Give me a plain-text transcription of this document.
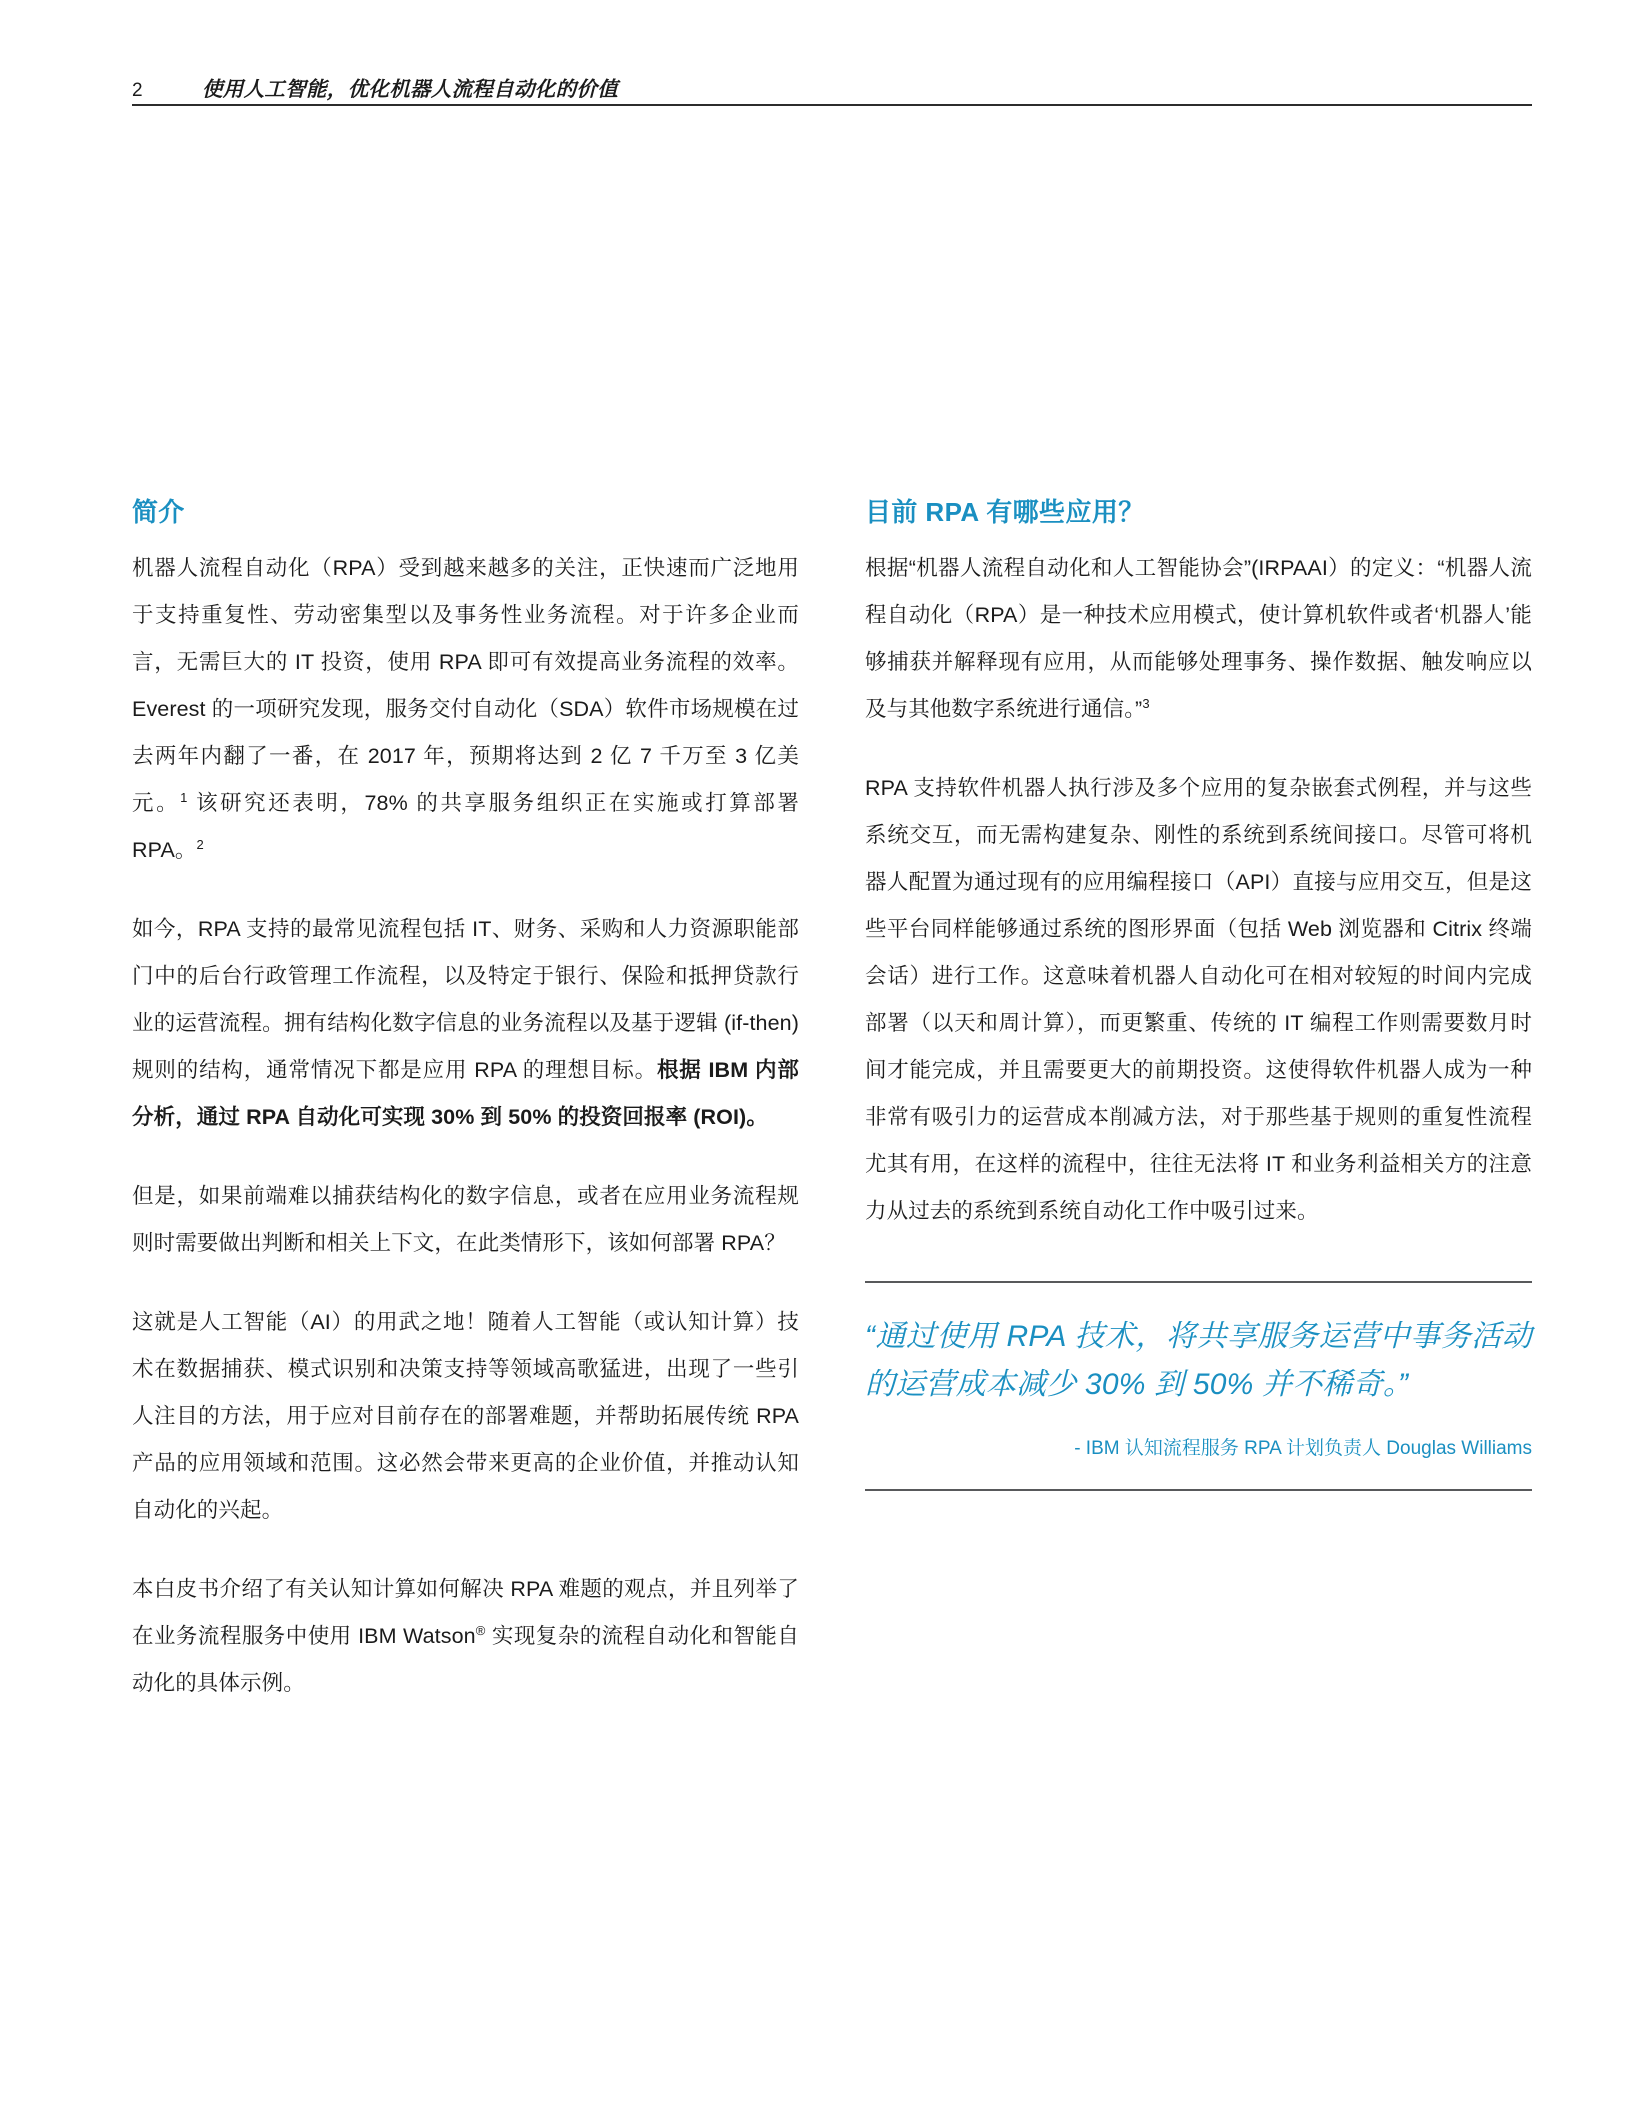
2	使用人工智能，优化机器人流程自动化的价值
简介

机器人流程自动化（RPA）受到越来越多的关注，正快速而广泛地用于支持重复性、劳动密集型以及事务性业务流程。对于许多企业而言，无需巨大的 IT 投资，使用 RPA 即可有效提高业务流程的效率。Everest 的一项研究发现，服务交付自动化（SDA）软件市场规模在过去两年内翻了一番，在 2017 年，预期将达到 2 亿 7 千万至 3 亿美元。$^1$ 该研究还表明，78% 的共享服务组织正在实施或打算部署 RPA。$^2$

如今，RPA 支持的最常见流程包括 IT、财务、采购和人力资源职能部门中的后台行政管理工作流程，以及特定于银行、保险和抵押贷款行业的运营流程。拥有结构化数字信息的业务流程以及基于逻辑 (if-then) 规则的结构，通常情况下都是应用 RPA 的理想目标。根据 IBM 内部分析，通过 RPA 自动化可实现 30% 到 50% 的投资回报率 (ROI)。

但是，如果前端难以捕获结构化的数字信息，或者在应用业务流程规则时需要做出判断和相关上下文，在此类情形下，该如何部署 RPA？

这就是人工智能（AI）的用武之地！随着人工智能（或认知计算）技术在数据捕获、模式识别和决策支持等领域高歌猛进，出现了一些引人注目的方法，用于应对目前存在的部署难题，并帮助拓展传统 RPA 产品的应用领域和范围。这必然会带来更高的企业价值，并推动认知自动化的兴起。

本白皮书介绍了有关认知计算如何解决 RPA 难题的观点，并且列举了在业务流程服务中使用 IBM Watson® 实现复杂的流程自动化和智能自动化的具体示例。

目前 RPA 有哪些应用？

根据“机器人流程自动化和人工智能协会”(IRPAAI）的定义：“机器人流程自动化（RPA）是一种技术应用模式，使计算机软件或者‘机器人’能够捕获并解释现有应用，从而能够处理事务、操作数据、触发响应以及与其他数字系统进行通信。”$^3$

RPA 支持软件机器人执行涉及多个应用的复杂嵌套式例程，并与这些系统交互，而无需构建复杂、刚性的系统到系统间接口。尽管可将机器人配置为通过现有的应用编程接口（API）直接与应用交互，但是这些平台同样能够通过系统的图形界面（包括 Web 浏览器和 Citrix 终端会话）进行工作。这意味着机器人自动化可在相对较短的时间内完成部署（以天和周计算），而更繁重、传统的 IT 编程工作则需要数月时间才能完成，并且需要更大的前期投资。这使得软件机器人成为一种非常有吸引力的运营成本削减方法，对于那些基于规则的重复性流程尤其有用，在这样的流程中，往往无法将 IT 和业务利益相关方的注意力从过去的系统到系统自动化工作中吸引过来。

“通过使用 RPA 技术，将共享服务运营中事务活动的运营成本减少 30% 到 50% 并不稀奇。”

- IBM 认知流程服务 RPA 计划负责人 Douglas Williams
